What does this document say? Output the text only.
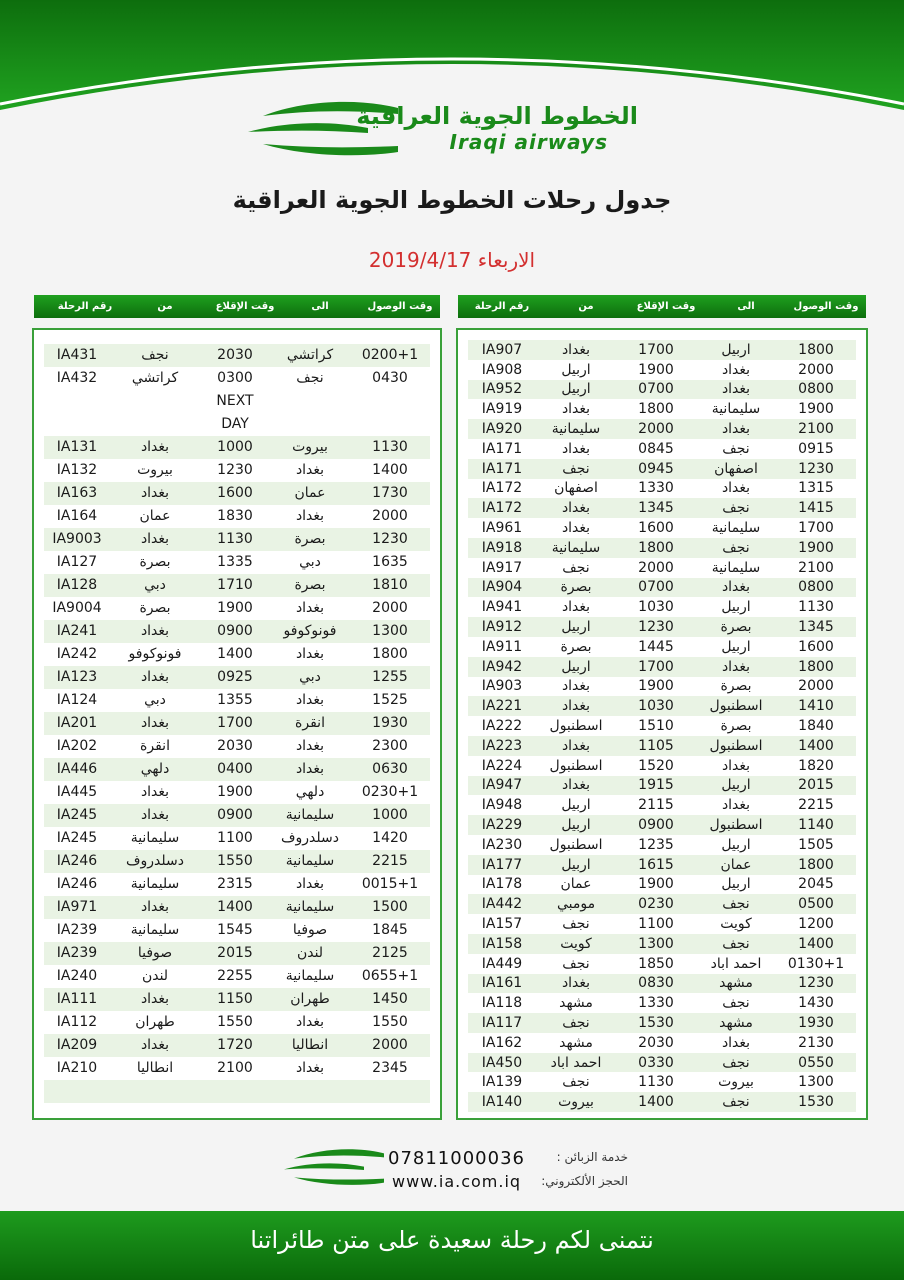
الخطوط الجوية العراقية
Iraqi airways
جدول رحلات الخطوط الجوية العراقية
الاربعاء 2019/4/17
وقت الوصول
الى
وقت الإقلاع
من
رقم الرحلة	وقت الوصول
الى
وقت الإقلاع
من
رقم الرحلة
0200+1
كراتشي
2030
نجف
IA431
0430
نجف
0300
NEXT
DAY
كراتشي
IA432
1130
بيروت
1000
بغداد
IA131
1400
بغداد
1230
بيروت
IA132
1730
عمان
1600
بغداد
IA163
2000
بغداد
1830
عمان
IA164
1230
بصرة
1130
بغداد
IA9003
1635
دبي
1335
بصرة
IA127
1810
بصرة
1710
دبي
IA128
2000
بغداد
1900
بصرة
IA9004
1300
فونوكوفو
0900
بغداد
IA241
1800
بغداد
1400
فونوكوفو
IA242
1255
دبي
0925
بغداد
IA123
1525
بغداد
1355
دبي
IA124
1930
انقرة
1700
بغداد
IA201
2300
بغداد
2030
انقرة
IA202
0630
بغداد
0400
دلهي
IA446
0230+1
دلهي
1900
بغداد
IA445
1000
سليمانية
0900
بغداد
IA245
1420
دسلدروف
1100
سليمانية
IA245
2215
سليمانية
1550
دسلدروف
IA246
0015+1
بغداد
2315
سليمانية
IA246
1500
سليمانية
1400
بغداد
IA971
1845
صوفيا
1545
سليمانية
IA239
2125
لندن
2015
صوفيا
IA239
0655+1
سليمانية
2255
لندن
IA240
1450
طهران
1150
بغداد
IA111
1550
بغداد
1550
طهران
IA112
2000
انطاليا
1720
بغداد
IA209
2345
بغداد
2100
انطاليا
IA210
1800
اربيل
1700
بغداد
IA907
2000
بغداد
1900
اربيل
IA908
0800
بغداد
0700
اربيل
IA952
1900
سليمانية
1800
بغداد
IA919
2100
بغداد
2000
سليمانية
IA920
0915
نجف
0845
بغداد
IA171
1230
اصفهان
0945
نجف
IA171
1315
بغداد
1330
اصفهان
IA172
1415
نجف
1345
بغداد
IA172
1700
سليمانية
1600
بغداد
IA961
1900
نجف
1800
سليمانية
IA918
2100
سليمانية
2000
نجف
IA917
0800
بغداد
0700
بصرة
IA904
1130
اربيل
1030
بغداد
IA941
1345
بصرة
1230
اربيل
IA912
1600
اربيل
1445
بصرة
IA911
1800
بغداد
1700
اربيل
IA942
2000
بصرة
1900
بغداد
IA903
1410
اسطنبول
1030
بغداد
IA221
1840
بصرة
1510
اسطنبول
IA222
1400
اسطنبول
1105
بغداد
IA223
1820
بغداد
1520
اسطنبول
IA224
2015
اربيل
1915
بغداد
IA947
2215
بغداد
2115
اربيل
IA948
1140
اسطنبول
0900
اربيل
IA229
1505
اربيل
1235
اسطنبول
IA230
1800
عمان
1615
اربيل
IA177
2045
اربيل
1900
عمان
IA178
0500
نجف
0230
مومبي
IA442
1200
كويت
1100
نجف
IA157
1400
نجف
1300
كويت
IA158
0130+1
احمد اباد
1850
نجف
IA449
1230
مشهد
0830
بغداد
IA161
1430
نجف
1330
مشهد
IA118
1930
مشهد
1530
نجف
IA117
2130
بغداد
2030
مشهد
IA162
0550
نجف
0330
احمد اباد
IA450
1300
بيروت
1130
نجف
IA139
1530
نجف
1400
بيروت
IA140
خدمة الزبائن :
07811000036
الحجز الألكتروني:
www.ia.com.iq
نتمنى لكم رحلة سعيدة على متن طائراتنا
